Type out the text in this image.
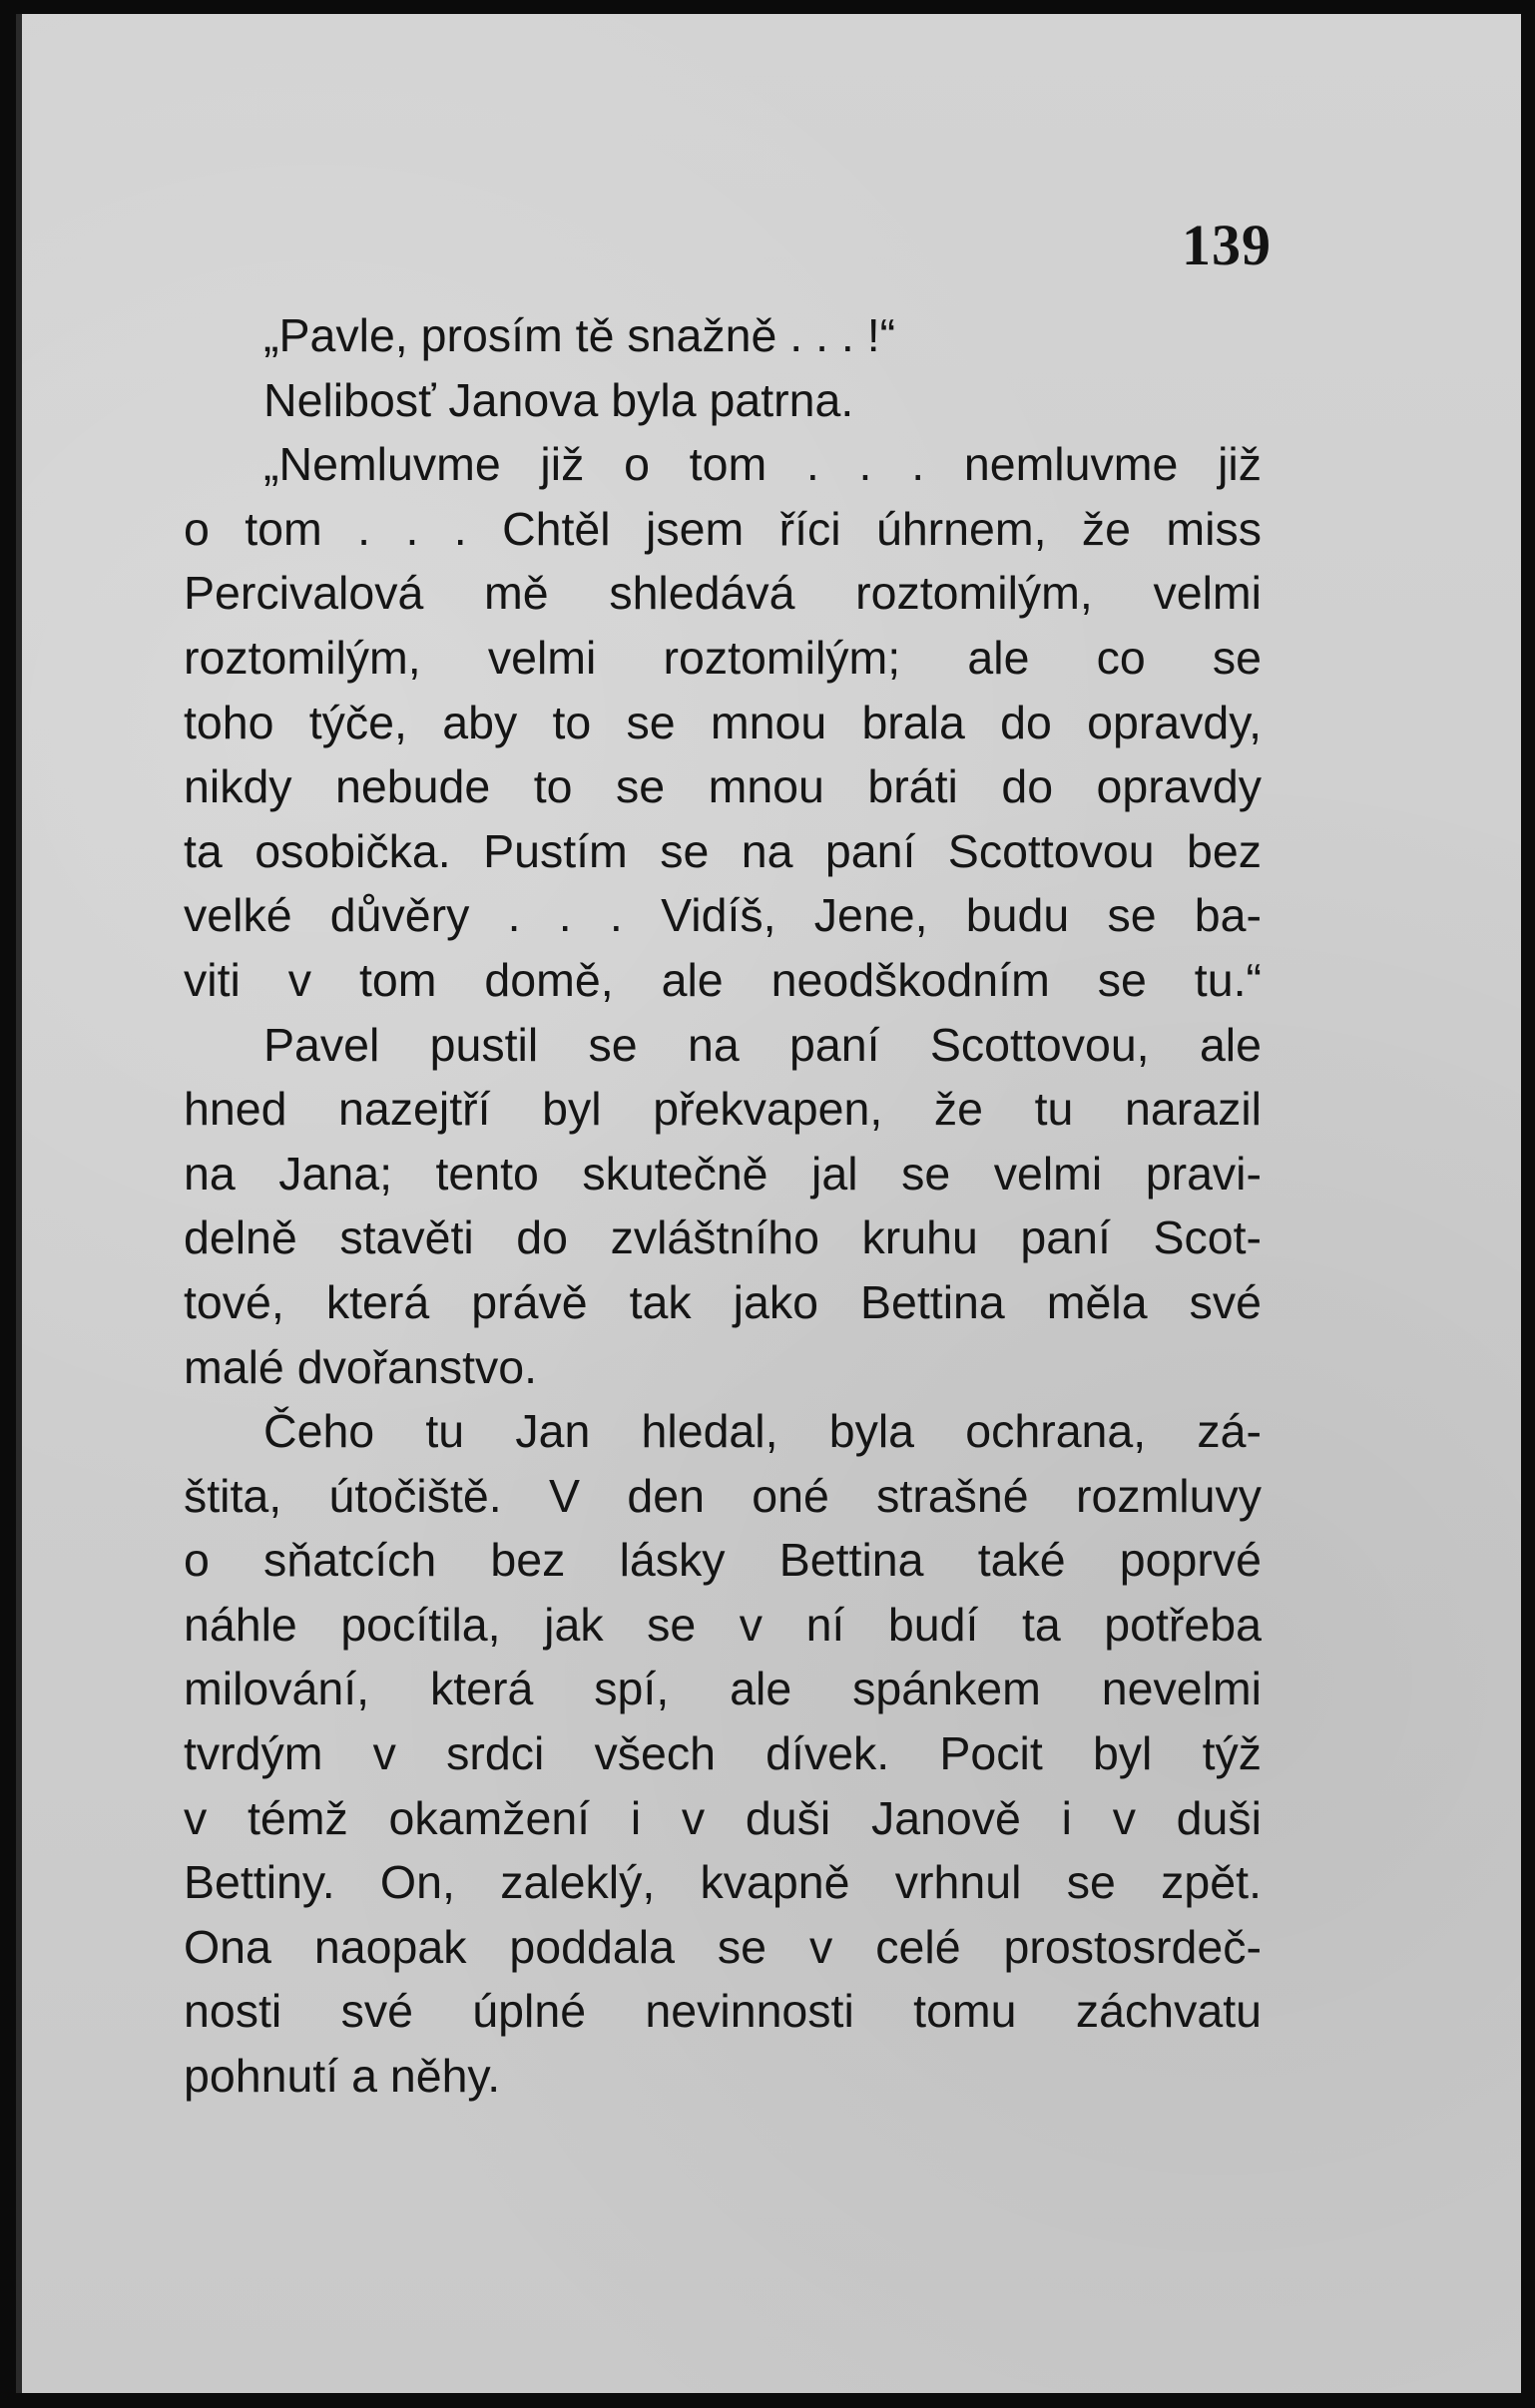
139
„Pavle, prosím tě snažně . . . !“
Nelibosť Janova byla patrna.
„Nemluvme již o tom . . . nemluvme již
o tom . . . Chtěl jsem říci úhrnem, že miss
Percivalová mě shledává roztomilým, velmi
roztomilým, velmi roztomilým; ale co se
toho týče, aby to se mnou brala do opravdy,
nikdy nebude to se mnou bráti do opravdy
ta osobička. Pustím se na paní Scottovou bez
velké důvěry . . . Vidíš, Jene, budu se ba-
viti v tom domě, ale neodškodním se tu.“
Pavel pustil se na paní Scottovou, ale
hned nazejtří byl překvapen, že tu narazil
na Jana; tento skutečně jal se velmi pravi-
delně stavěti do zvláštního kruhu paní Scot-
tové, která právě tak jako Bettina měla své
malé dvořanstvo.
Čeho tu Jan hledal, byla ochrana, zá-
štita, útočiště. V den oné strašné rozmluvy
o sňatcích bez lásky Bettina také poprvé
náhle pocítila, jak se v ní budí ta potřeba
milování, která spí, ale spánkem nevelmi
tvrdým v srdci všech dívek. Pocit byl týž
v témž okamžení i v duši Janově i v duši
Bettiny. On, zaleklý, kvapně vrhnul se zpět.
Ona naopak poddala se v celé prostosrdeč-
nosti své úplné nevinnosti tomu záchvatu
pohnutí a něhy.
